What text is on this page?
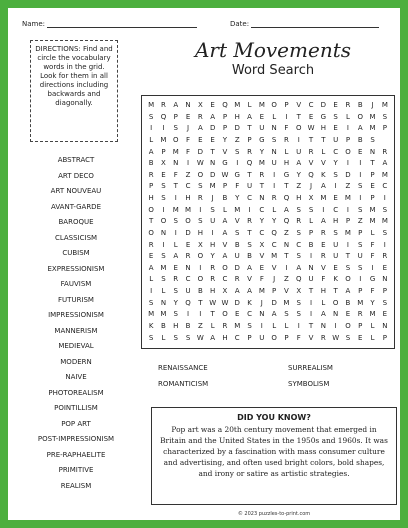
Name:	Date:
DIRECTIONS: Find and circle the vocabulary words in the grid. Look for them in all directions including backwards and diagonally.
Art Movements
Word Search
M R	A	N	X	E	Q M	L	M O	P	V	C	D	E	R	B	J	M
S	Q	P	E	R	A	P	H	A	E	L	I	T	E	G	S	L	O M	S
I	I	S	J	A	D	P	D	T	U	N	F	O W H	E	I	A M	P
L	M O	F	E	E	Y	Z	P	G	S	R	I	T	T	U	P	B	S
A	P	M	F	D	T	V	S	R	Y	N	L	U	R	L	C	O	E	N	R
B	X	N	I	W N G	I	Q M U	H	A	V	V	Y	I	I	T	A
R	E	F	Z	O D W G	T	R	I	G	Y	Q	K	S	D	I	P	M
P	S	T	C	S	M	P	F	U	T	I	T	Z	J	A	I	Z	S	E	C
H	S	I	H	R	J	B	Y	C	N	R	Q H	X M	E	M	I	P	I
O	I	M M	I	S	L	M	I	C	L	A	S	S	I	C	I	S	M	S
T	O	S	O	S	U	A	V	R	Y	Y	Q	R	L	A	H	P	Z M M
O N	I	D H	I	A	S	T	C	Q	Z	S	P	R	S	M	P	L	S
R	I	L	E	X	H	V	B	S	X	C	N	C	B	E	U	I	S	F	I
E	S	A	R	O	Y	A	U	B	V M	T	S	I	R	U	T	U	F	R
A M	E	N	I	R	O D	A	E	V	I	A	N	V	E	S	S	I	E
L	S	R	C	O	R	C	R	V	F	J	Z	Q U	F	K	O	I	G N
I	L	S	U	B	H	X	A	A M	P	V	X	T	H	T	A	P	F	P
S	N	Y	Q	T W W D	K	J	D M	S	I	L	O	B M	Y	S
M M	S	I	I	T	O	E	C	N	A	S	S	I	A	N	E	R M	E
K	B	H	B	Z	L	R M	S	I	L	L	I	T	N	I	O	P	L	N
S	L	S	S W A	H	C	P	U O	P	F	V	R W S	E	L	P
ABSTRACT
ART DECO
ART NOUVEAU
AVANT-GARDE
BAROQUE
CLASSICISM
CUBISM
EXPRESSIONISM
FAUVISM
FUTURISM
IMPRESSIONISM
MANNERISM
MEDIEVAL
MODERN
NAIVE
PHOTOREALISM
POINTILLISM
POP ART
POST-IMPRESSIONISM
PRE-RAPHAELITE
PRIMITIVE
REALISM
RENAISSANCE	SURREALISM
ROMANTICISM	SYMBOLISM
DID YOU KNOW?
Pop art was a 20th century movement that emerged in Britain and the United States in the 1950s and 1960s. It was characterized by a fascination with mass consumer culture and advertising, and often used bright colors, bold shapes, and irony or satire as artistic strategies.
© 2023 puzzles-to-print.com
